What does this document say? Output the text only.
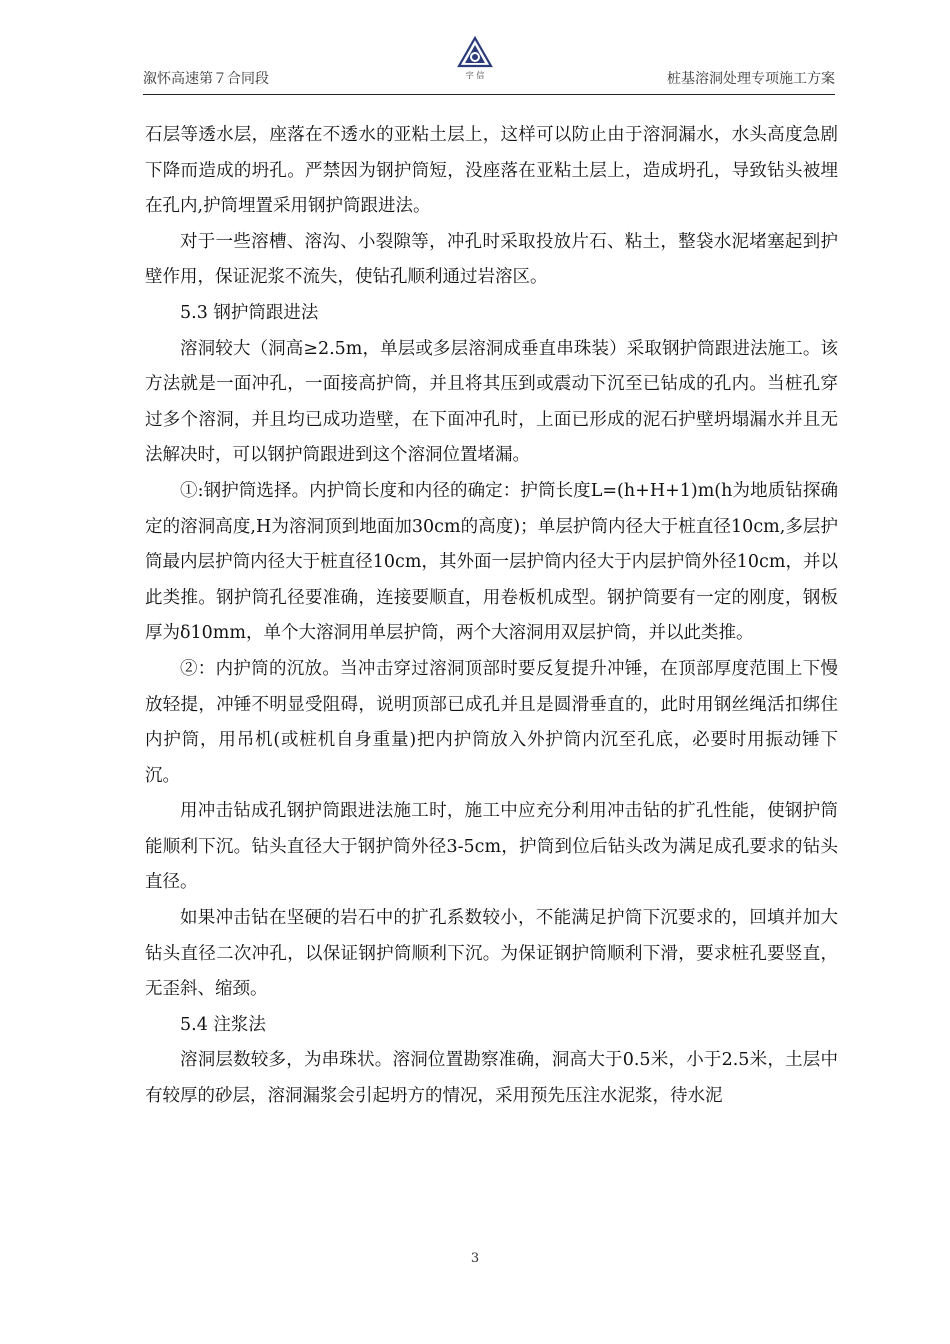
溆怀高速第７合同段	字 信	桩基溶洞处理专项施工方案

石层等透水层，座落在不透水的亚粘土层上，这样可以防止由于溶洞漏水，水头高度急剧下降而造成的坍孔。严禁因为钢护筒短，没座落在亚粘土层上，造成坍孔，导致钻头被埋在孔内,护筒埋置采用钢护筒跟进法。

对于一些溶槽、溶沟、小裂隙等，冲孔时采取投放片石、粘土，整袋水泥堵塞起到护壁作用，保证泥浆不流失，使钻孔顺利通过岩溶区。

5.3 钢护筒跟进法

溶洞较大（洞高≥2.5m，单层或多层溶洞成垂直串珠装）采取钢护筒跟进法施工。该方法就是一面冲孔，一面接高护筒，并且将其压到或震动下沉至已钻成的孔内。当桩孔穿过多个溶洞，并且均已成功造壁，在下面冲孔时，上面已形成的泥石护壁坍塌漏水并且无法解决时，可以钢护筒跟进到这个溶洞位置堵漏。

①:钢护筒选择。内护筒长度和内径的确定：护筒长度L=(h+H+1)m(h为地质钻探确定的溶洞高度,H为溶洞顶到地面加30cm的高度)；单层护筒内径大于桩直径10cm,多层护筒最内层护筒内径大于桩直径10cm，其外面一层护筒内径大于内层护筒外径10cm，并以此类推。钢护筒孔径要准确，连接要顺直，用卷板机成型。钢护筒要有一定的刚度，钢板厚为δ10mm，单个大溶洞用单层护筒，两个大溶洞用双层护筒，并以此类推。

②：内护筒的沉放。当冲击穿过溶洞顶部时要反复提升冲锤，在顶部厚度范围上下慢放轻提，冲锤不明显受阻碍，说明顶部已成孔并且是圆滑垂直的，此时用钢丝绳活扣绑住内护筒，用吊机(或桩机自身重量)把内护筒放入外护筒内沉至孔底，必要时用振动锤下沉。

用冲击钻成孔钢护筒跟进法施工时，施工中应充分利用冲击钻的扩孔性能，使钢护筒能顺利下沉。钻头直径大于钢护筒外径3-5cm，护筒到位后钻头改为满足成孔要求的钻头直径。

如果冲击钻在坚硬的岩石中的扩孔系数较小，不能满足护筒下沉要求的，回填并加大钻头直径二次冲孔，以保证钢护筒顺利下沉。为保证钢护筒顺利下滑，要求桩孔要竖直，无歪斜、缩颈。

5.4 注浆法

溶洞层数较多，为串珠状。溶洞位置勘察准确，洞高大于0.5米，小于2.5米，土层中有较厚的砂层，溶洞漏浆会引起坍方的情况，采用预先压注水泥浆，待水泥

3
